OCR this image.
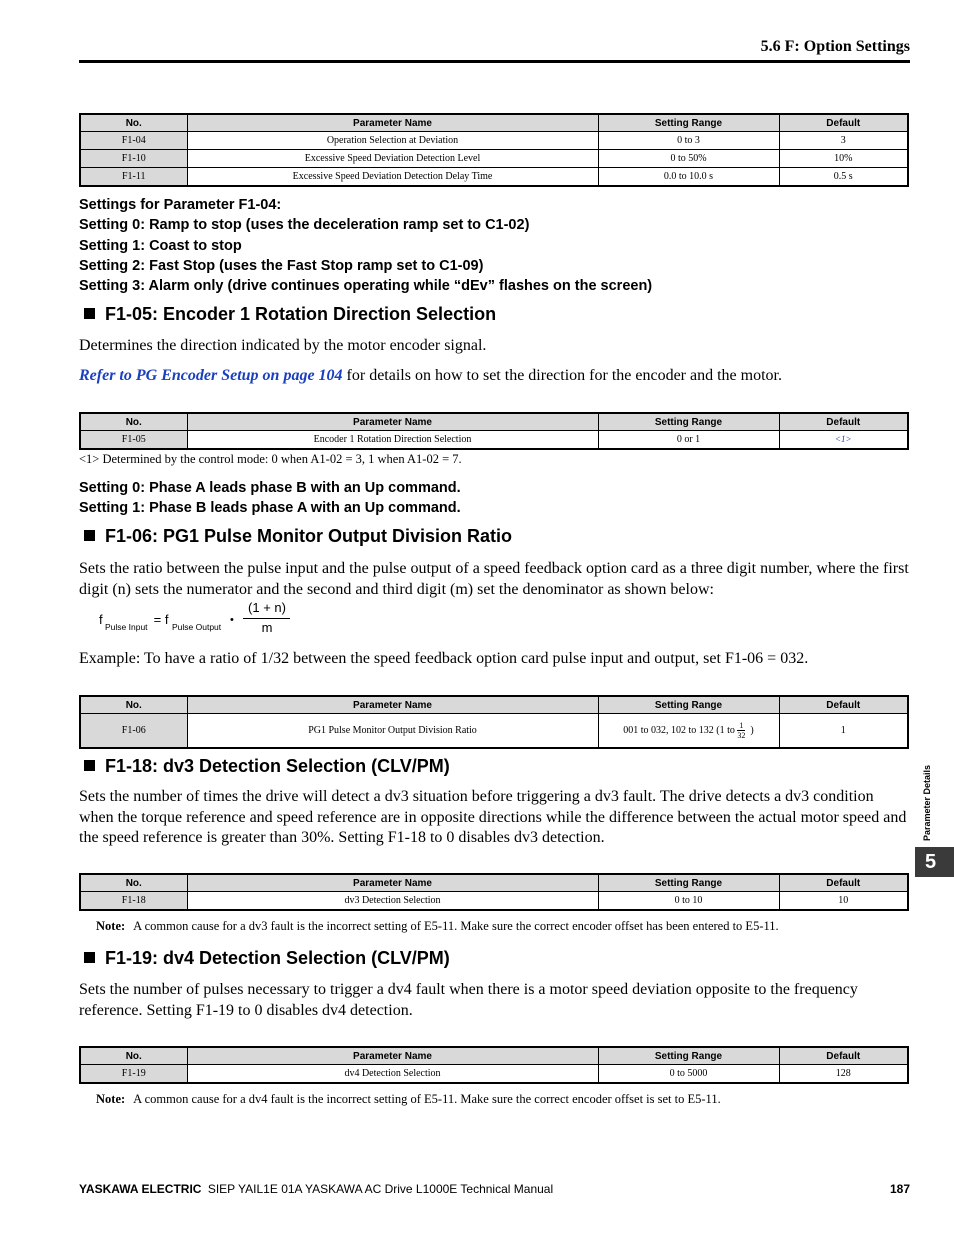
5.6 F: Option Settings
No.	Parameter Name	Setting Range	Default
F1-04	Operation Selection at Deviation	0 to 3	3
F1-10	Excessive Speed Deviation Detection Level	0 to 50%	10%
F1-11	Excessive Speed Deviation Detection Delay Time	0.0 to 10.0 s	0.5 s
Settings for Parameter F1-04:
Setting 0: Ramp to stop (uses the deceleration ramp set to C1-02)
Setting 1: Coast to stop
Setting 2: Fast Stop (uses the Fast Stop ramp set to C1-09)
Setting 3: Alarm only (drive continues operating while “dEv” flashes on the screen)
F1-05: Encoder 1 Rotation Direction Selection
Determines the direction indicated by the motor encoder signal.
Refer to PG Encoder Setup on page 104 for details on how to set the direction for the encoder and the motor.
No.	Parameter Name	Setting Range	Default
F1-05	Encoder 1 Rotation Direction Selection	0 or 1	<1>
<1> Determined by the control mode: 0 when A1-02 = 3, 1 when A1-02 = 7.
Setting 0: Phase A leads phase B with an Up command.
Setting 1: Phase B leads phase A with an Up command.
F1-06: PG1 Pulse Monitor Output Division Ratio
Sets the ratio between the pulse input and the pulse output of a speed feedback option card as a three digit number, where the first digit (n) sets the numerator and the second and third digit (m) set the denominator as shown below:
f Pulse Input = f Pulse Output
•
(1 + n)
m
Example: To have a ratio of 1/32 between the speed feedback option card pulse input and output, set F1-06 = 032.
No.	Parameter Name	Setting Range	Default
F1-06	PG1 Pulse Monitor Output Division Ratio	001 to 032, 102 to 132 (1 to $\frac{1}{32}$ )	1
F1-18: dv3 Detection Selection (CLV/PM)
Sets the number of times the drive will detect a dv3 situation before triggering a dv3 fault. The drive detects a dv3 condition when the torque reference and speed reference are in opposite directions while the difference between the actual motor speed and the speed reference is greater than 30%. Setting F1-18 to 0 disables dv3 detection.
No.	Parameter Name	Setting Range	Default
F1-18	dv3 Detection Selection	0 to 10	10
Note: A common cause for a dv3 fault is the incorrect setting of E5-11. Make sure the correct encoder offset has been entered to E5-11.
F1-19: dv4 Detection Selection (CLV/PM)
Sets the number of pulses necessary to trigger a dv4 fault when there is a motor speed deviation opposite to the frequency reference. Setting F1-19 to 0 disables dv4 detection.
No.	Parameter Name	Setting Range	Default
F1-19	dv4 Detection Selection	0 to 5000	128
Note: A common cause for a dv4 fault is the incorrect setting of E5-11. Make sure the correct encoder offset is set to E5-11.
Parameter Details
5
YASKAWA ELECTRIC SIEP YAIL1E 01A YASKAWA AC Drive L1000E Technical Manual	187
